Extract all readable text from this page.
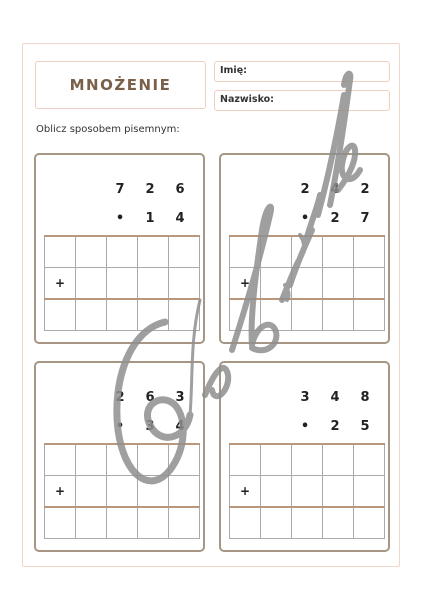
MNOŻENIE
Imię:
Nazwisko:
Oblicz sposobem pisemnym:
7	2	6
•	1	4

+				

2	4	2
•	2	7

+				

2	6	3
•	3	4

+				

3	4	8
•	2	5

+				
